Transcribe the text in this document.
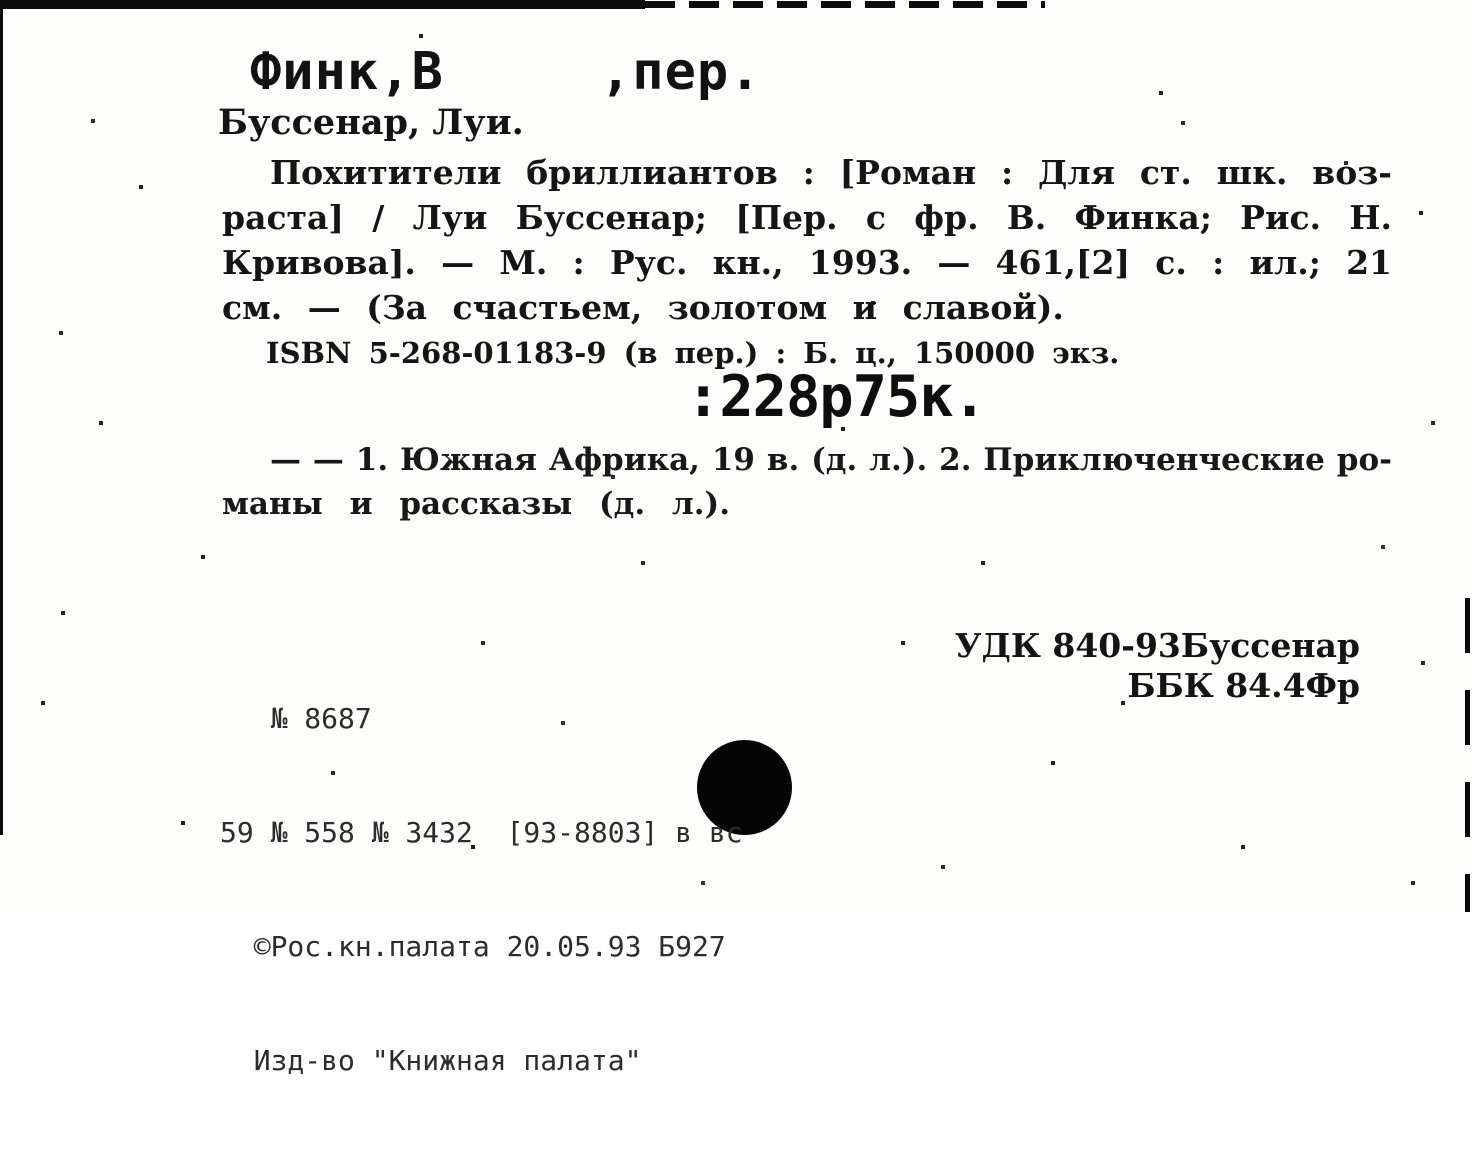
Финк,В	,пер.
Буссенар, Луи.
Похитители бриллиантов : [Роман : Для ст. шк. воз-
раста] / Луи Буссенар; [Пер. с фр. В. Финка; Рис. Н.
Кривова]. — М. : Рус. кн., 1993. — 461,[2] с. : ил.; 21
см. — (За счастьем, золотом и славой).
ISBN 5-268-01183-9 (в пер.) : Б. ц., 150000 экз.
:228р75к.
— — 1. Южная Африка, 19 в. (д. л.). 2. Приключенческие ро-
маны и рассказы (д. л.).

№ 8687

59 № 558 № 3432  [93-8803] в вс

©Рос.кн.палата 20.05.93 Б927

Изд-во "Книжная палата"

УДК 840-93Буссенар
ББК 84.4Фр
